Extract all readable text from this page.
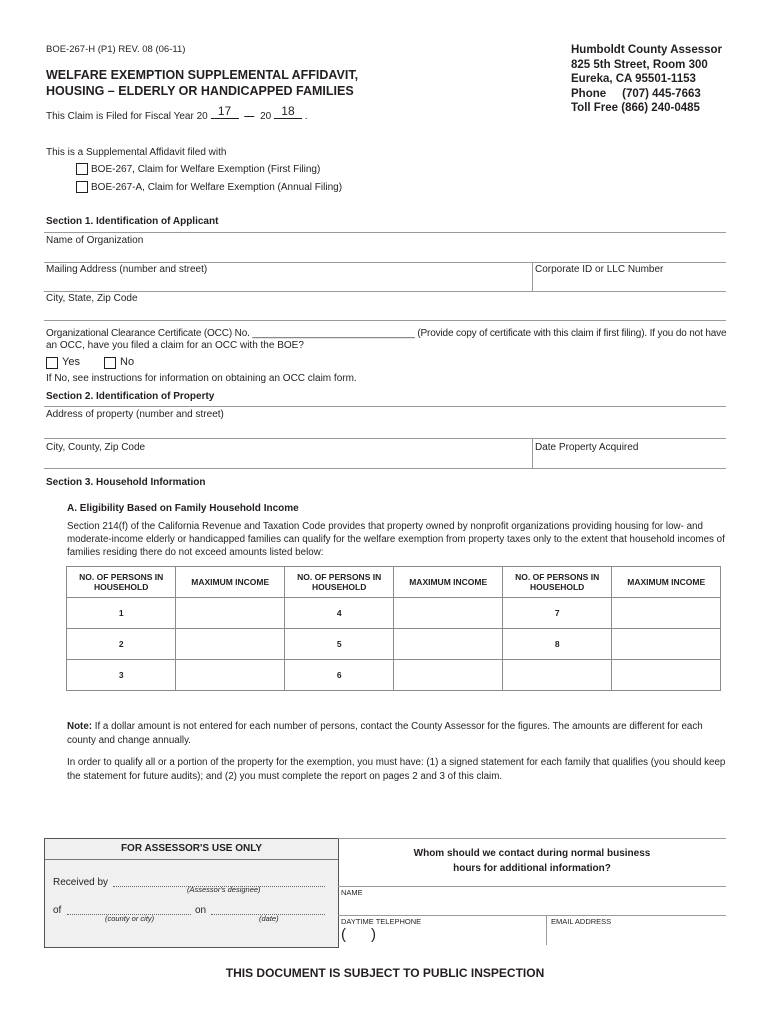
BOE-267-H (P1) REV. 08 (06-11)
WELFARE EXEMPTION SUPPLEMENTAL AFFIDAVIT,
HOUSING – ELDERLY OR HANDICAPPED FAMILIES
This Claim is Filed for Fiscal Year 20 17 — 20 18 .
Humboldt County Assessor
825 5th Street, Room 300
Eureka, CA 95501-1153
Phone     (707) 445-7663
Toll Free (866) 240-0485
This is a Supplemental Affidavit filed with
BOE-267, Claim for Welfare Exemption (First Filing)
BOE-267-A, Claim for Welfare Exemption (Annual Filing)
Section 1. Identification of Applicant
Name of Organization
Mailing Address (number and street)	Corporate ID or LLC Number
City, State, Zip Code
Organizational Clearance Certificate (OCC) No. ______________________________ (Provide copy of certificate with this claim if first filing). If you do not have
an OCC, have you filed a claim for an OCC with the BOE?
Yes	No
If No, see instructions for information on obtaining an OCC claim form.
Section 2. Identification of Property
Address of property (number and street)
City, County, Zip Code	Date Property Acquired
Section 3. Household Information
A. Eligibility Based on Family Household Income
Section 214(f) of the California Revenue and Taxation Code provides that property owned by nonprofit organizations providing housing for low- and moderate-income elderly or handicapped families can qualify for the welfare exemption from property taxes only to the extent that household incomes of families residing there do not exceed amounts listed below:
NO. OF PERSONS IN HOUSEHOLD	MAXIMUM INCOME	NO. OF PERSONS IN HOUSEHOLD	MAXIMUM INCOME	NO. OF PERSONS IN HOUSEHOLD	MAXIMUM INCOME
1		4		7	
2		5		8	
3		6			
Note: If a dollar amount is not entered for each number of persons, contact the County Assessor for the figures. The amounts are different for each county and change annually.
In order to qualify all or a portion of the property for the exemption, you must have: (1) a signed statement for each family that qualifies (you should keep the statement for future audits); and (2) you must complete the report on pages 2 and 3 of this claim.
FOR ASSESSOR'S USE ONLY
Received by
(Assessor's designee)
of	on
(county or city)	(date)
Whom should we contact during normal business
hours for additional information?
NAME
DAYTIME TELEPHONE	EMAIL ADDRESS
( )
THIS DOCUMENT IS SUBJECT TO PUBLIC INSPECTION
